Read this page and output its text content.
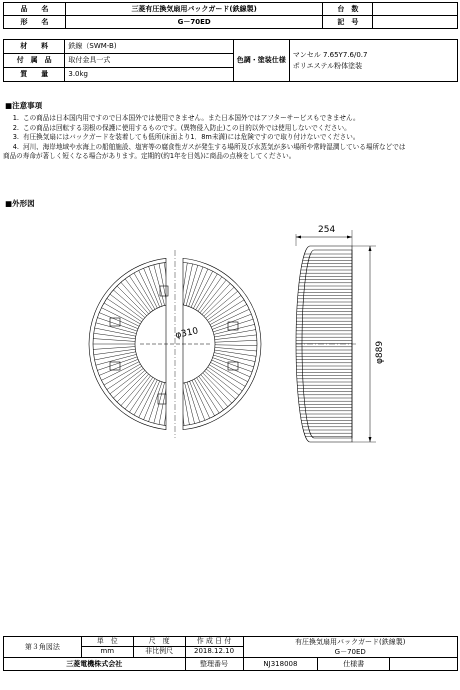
品　　名	三菱有圧換気扇用バックガード(鉄線製)	台　数	
形　　名	G－70ED	記　号	
材　　料	鉄線（SWM-B)	色調・塗装仕様	マンセル 7.65Y7.6/0.7
ポリエステル粉体塗装

付　属　品	取付金具一式		
質　　量	3.0kg		
■注意事項
1. この商品は日本国内用ですので日本国外では使用できません。また日本国外ではアフターサービスもできません。
2. この商品は回転する羽根の保護に使用するものです。(異物侵入防止)この目的以外では使用しないでください。
3. 有圧換気扇にはバックガードを装着しても低所(床面より1．8m未満)には危険ですので取り付けないでください。
4. 河川、海岸地域や水海上の船舶施設、塩害等の腐食性ガスが発生する場所及び水蒸気が多い場所や常時湿潤している場所などでは
商品の寿命が著しく短くなる場合があります。定期的(約1年を目処)に商品の点検をしてください。
■外形図
φ310
254
φ889
第３角図法	単　位	尺　度	作 成 日 付	有圧換気扇用バックガード(鉄線製)
G－70ED		

	mm	非比例尺	2018.12.10			
三菱電機株式会社			整理番号	NJ318008	仕様書	
